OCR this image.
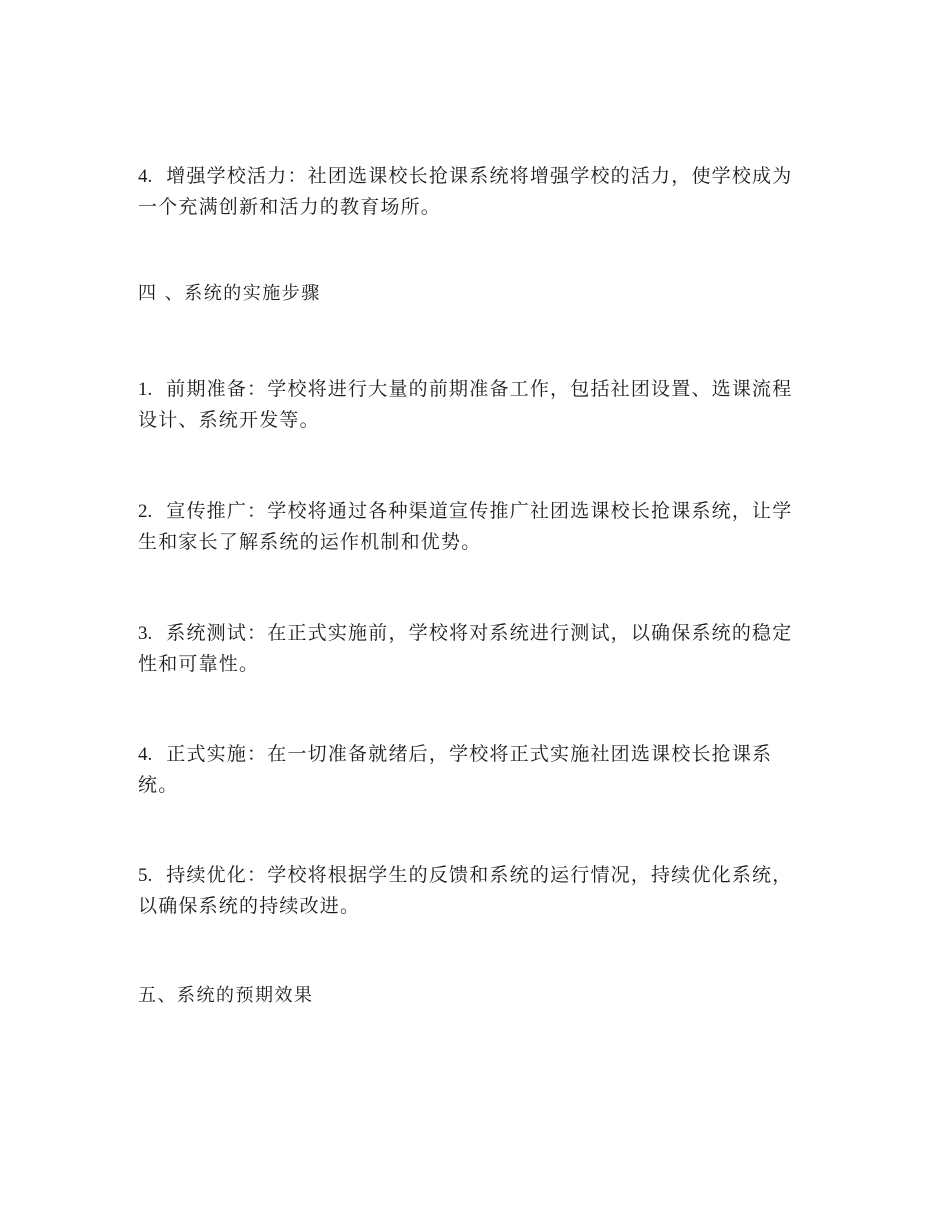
4. 增强学校活力：社团选课校长抢课系统将增强学校的活力，使学校成为一个充满创新和活力的教育场所。

四 、系统的实施步骤

1. 前期准备：学校将进行大量的前期准备工作，包括社团设置、选课流程设计、系统开发等。

2. 宣传推广：学校将通过各种渠道宣传推广社团选课校长抢课系统，让学生和家长了解系统的运作机制和优势。

3. 系统测试：在正式实施前，学校将对系统进行测试，以确保系统的稳定性和可靠性。

4. 正式实施：在一切准备就绪后，学校将正式实施社团选课校长抢课系统。

5. 持续优化：学校将根据学生的反馈和系统的运行情况，持续优化系统，以确保系统的持续改进。

五、系统的预期效果
